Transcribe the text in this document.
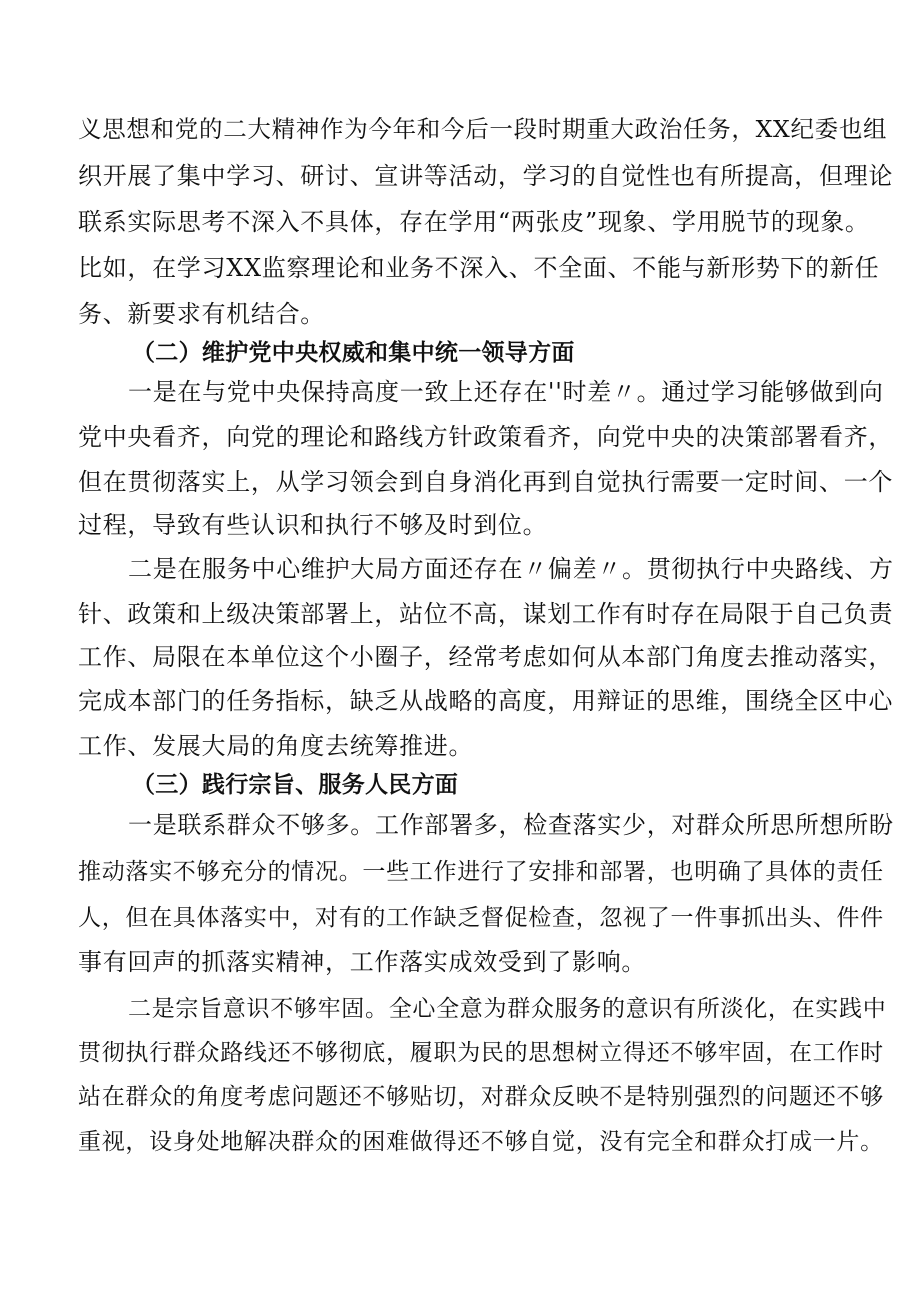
义思想和党的二大精神作为今年和今后一段时期重大政治任务，XX纪委也组
织开展了集中学习、研讨、宣讲等活动，学习的自觉性也有所提高，但理论
联系实际思考不深入不具体，存在学用“两张皮”现象、学用脱节的现象。
比如，在学习XX监察理论和业务不深入、不全面、不能与新形势下的新任
务、新要求有机结合。
（二）维护党中央权威和集中统一领导方面
一是在与党中央保持高度一致上还存在''时差〃。通过学习能够做到向
党中央看齐，向党的理论和路线方针政策看齐，向党中央的决策部署看齐，
但在贯彻落实上，从学习领会到自身消化再到自觉执行需要一定时间、一个
过程，导致有些认识和执行不够及时到位。
二是在服务中心维护大局方面还存在〃偏差〃。贯彻执行中央路线、方
针、政策和上级决策部署上，站位不高，谋划工作有时存在局限于自己负责
工作、局限在本单位这个小圈子，经常考虑如何从本部门角度去推动落实，
完成本部门的任务指标，缺乏从战略的高度，用辩证的思维，围绕全区中心
工作、发展大局的角度去统筹推进。
（三）践行宗旨、服务人民方面
一是联系群众不够多。工作部署多，检查落实少，对群众所思所想所盼
推动落实不够充分的情况。一些工作进行了安排和部署，也明确了具体的责任
人，但在具体落实中，对有的工作缺乏督促检查，忽视了一件事抓出头、件件
事有回声的抓落实精神，工作落实成效受到了影响。
二是宗旨意识不够牢固。全心全意为群众服务的意识有所淡化，在实践中
贯彻执行群众路线还不够彻底，履职为民的思想树立得还不够牢固，在工作时
站在群众的角度考虑问题还不够贴切，对群众反映不是特别强烈的问题还不够
重视，设身处地解决群众的困难做得还不够自觉，没有完全和群众打成一片。
